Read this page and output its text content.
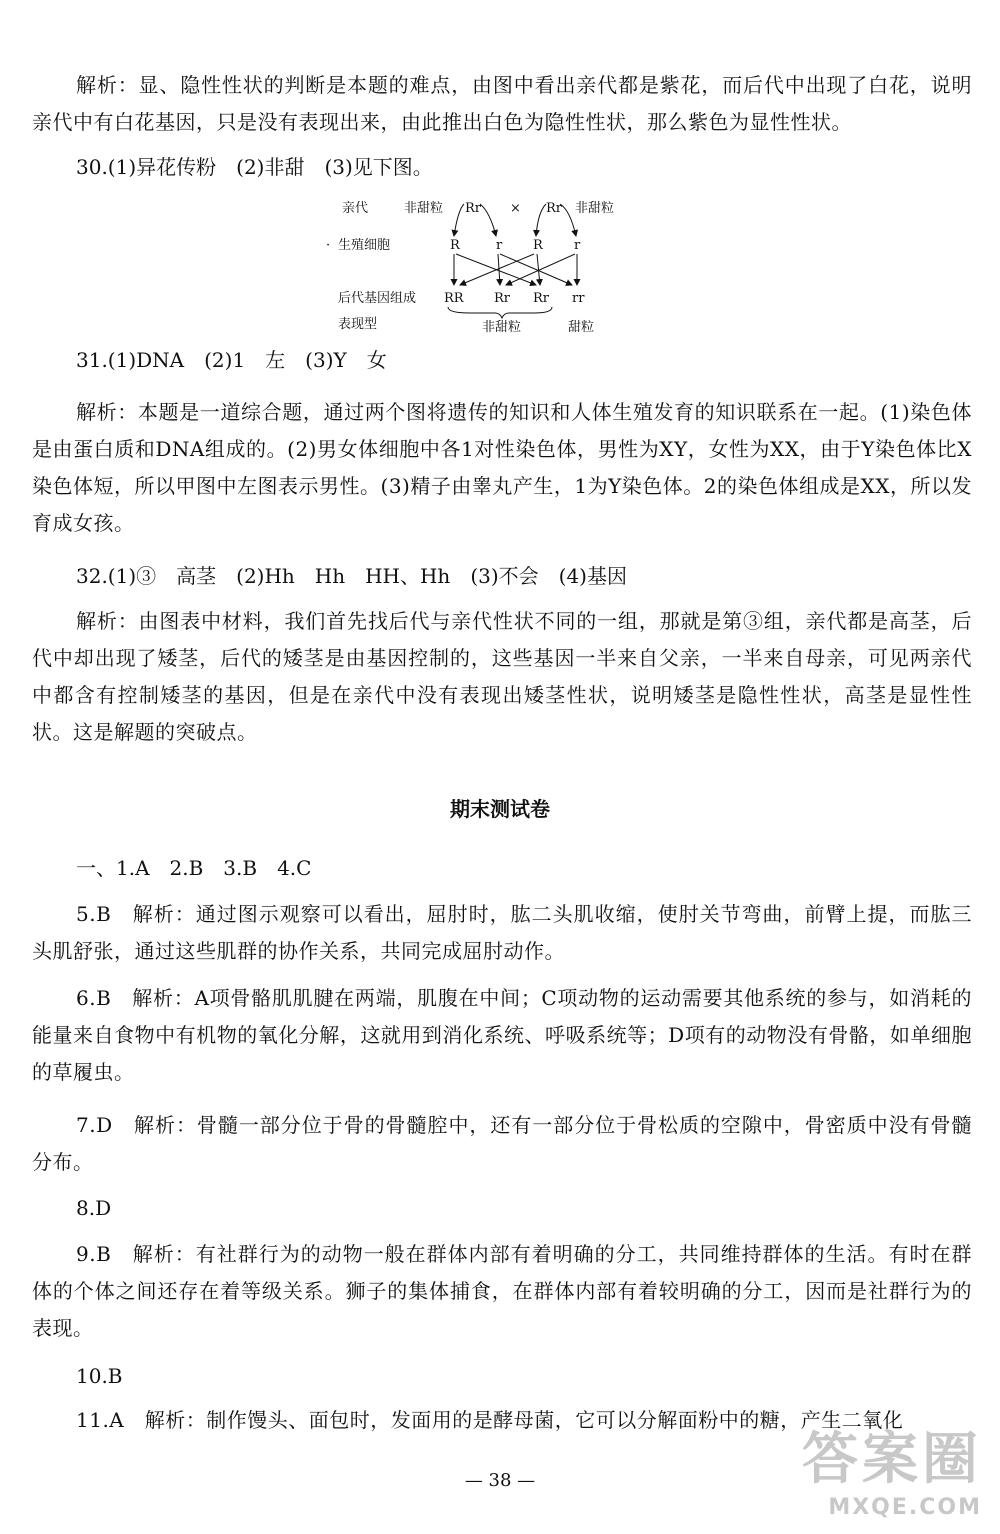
解析：显、隐性性状的判断是本题的难点，由图中看出亲代都是紫花，而后代中出现了白花，说明亲代中有白花基因，只是没有表现出来，由此推出白色为隐性性状，那么紫色为显性性状。
30.(1)异花传粉　(2)非甜　(3)见下图。
亲代	非甜粒 Rr × Rr 非甜粒
· 生殖细胞	R	r R r
后代基因组成 RR Rr Rr rr
表现型	非甜粒	甜粒
31.(1)DNA　(2)1　左　(3)Y　女
解析：本题是一道综合题，通过两个图将遗传的知识和人体生殖发育的知识联系在一起。(1)染色体是由蛋白质和DNA组成的。(2)男女体细胞中各1对性染色体，男性为XY，女性为XX，由于Y染色体比X染色体短，所以甲图中左图表示男性。(3)精子由睾丸产生，1为Y染色体。2的染色体组成是XX，所以发育成女孩。
32.(1)③　高茎　(2)Hh　Hh　HH、Hh　(3)不会　(4)基因
解析：由图表中材料，我们首先找后代与亲代性状不同的一组，那就是第③组，亲代都是高茎，后代中却出现了矮茎，后代的矮茎是由基因控制的，这些基因一半来自父亲，一半来自母亲，可见两亲代中都含有控制矮茎的基因，但是在亲代中没有表现出矮茎性状，说明矮茎是隐性性状，高茎是显性性状。这是解题的突破点。
期末测试卷
一、1.A　2.B　3.B　4.C
5.B　解析：通过图示观察可以看出，屈肘时，肱二头肌收缩，使肘关节弯曲，前臂上提，而肱三头肌舒张，通过这些肌群的协作关系，共同完成屈肘动作。
6.B　解析：A项骨骼肌肌腱在两端，肌腹在中间；C项动物的运动需要其他系统的参与，如消耗的能量来自食物中有机物的氧化分解，这就用到消化系统、呼吸系统等；D项有的动物没有骨骼，如单细胞的草履虫。
7.D　解析：骨髓一部分位于骨的骨髓腔中，还有一部分位于骨松质的空隙中，骨密质中没有骨髓分布。
8.D
9.B　解析：有社群行为的动物一般在群体内部有着明确的分工，共同维持群体的生活。有时在群体的个体之间还存在着等级关系。狮子的集体捕食，在群体内部有着较明确的分工，因而是社群行为的表现。
10.B
11.A　解析：制作馒头、面包时，发面用的是酵母菌，它可以分解面粉中的糖，产生二氧化
— 38 —	答案圈
MXQE.COM
